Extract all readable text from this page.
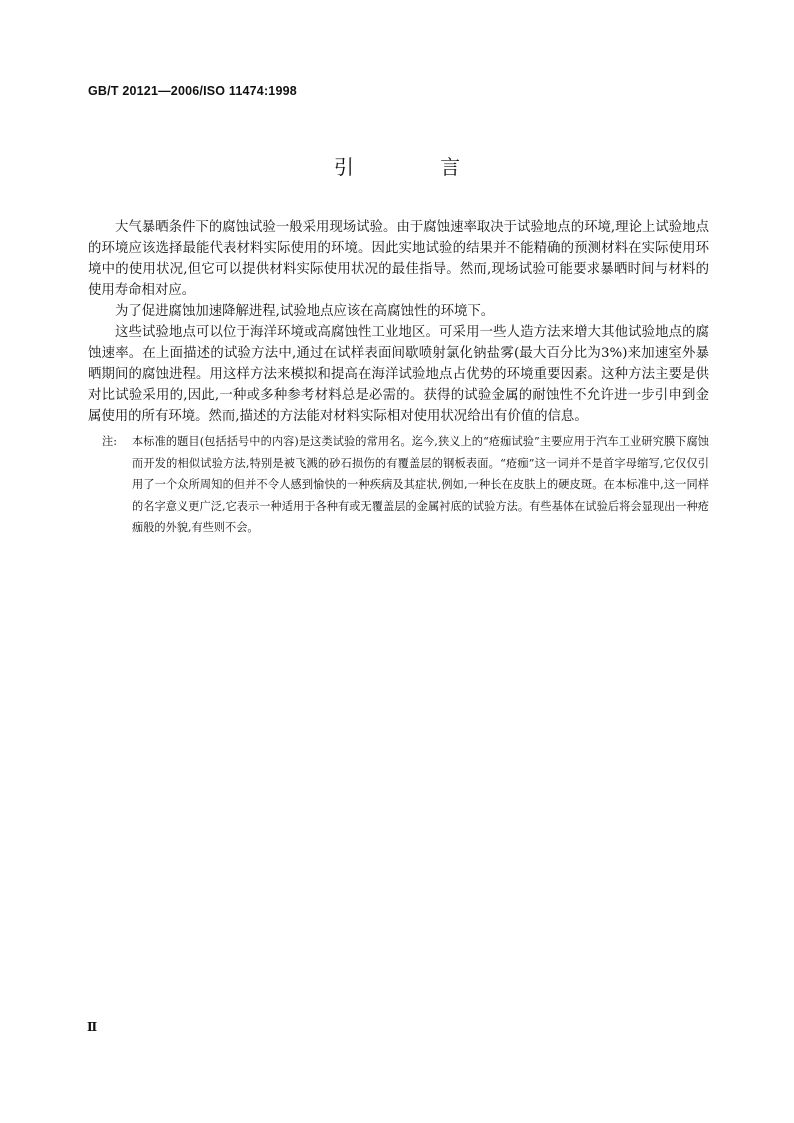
GB/T 20121—2006/ISO 11474:1998
引 言

大气暴晒条件下的腐蚀试验一般采用现场试验。由于腐蚀速率取决于试验地点的环境,理论上试验地点的环境应该选择最能代表材料实际使用的环境。因此实地试验的结果并不能精确的预测材料在实际使用环境中的使用状况,但它可以提供材料实际使用状况的最佳指导。然而,现场试验可能要求暴晒时间与材料的使用寿命相对应。

为了促进腐蚀加速降解进程,试验地点应该在高腐蚀性的环境下。

这些试验地点可以位于海洋环境或高腐蚀性工业地区。可采用一些人造方法来增大其他试验地点的腐蚀速率。在上面描述的试验方法中,通过在试样表面间歇喷射氯化钠盐雾(最大百分比为3%)来加速室外暴晒期间的腐蚀进程。用这样方法来模拟和提高在海洋试验地点占优势的环境重要因素。这种方法主要是供对比试验采用的,因此,一种或多种参考材料总是必需的。获得的试验金属的耐蚀性不允许进一步引申到金属使用的所有环境。然而,描述的方法能对材料实际相对使用状况给出有价值的信息。

注: 本标准的题目(包括括号中的内容)是这类试验的常用名。迄今,狭义上的“疮痂试验”主要应用于汽车工业研究膜下腐蚀而开发的相似试验方法,特别是被飞溅的砂石损伤的有覆盖层的钢板表面。“疮痂”这一词并不是首字母缩写,它仅仅引用了一个众所周知的但并不令人感到愉快的一种疾病及其症状,例如,一种长在皮肤上的硬皮斑。在本标准中,这一同样的名字意义更广泛,它表示一种适用于各种有或无覆盖层的金属衬底的试验方法。有些基体在试验后将会显现出一种疮痂般的外貌,有些则不会。
Ⅱ
